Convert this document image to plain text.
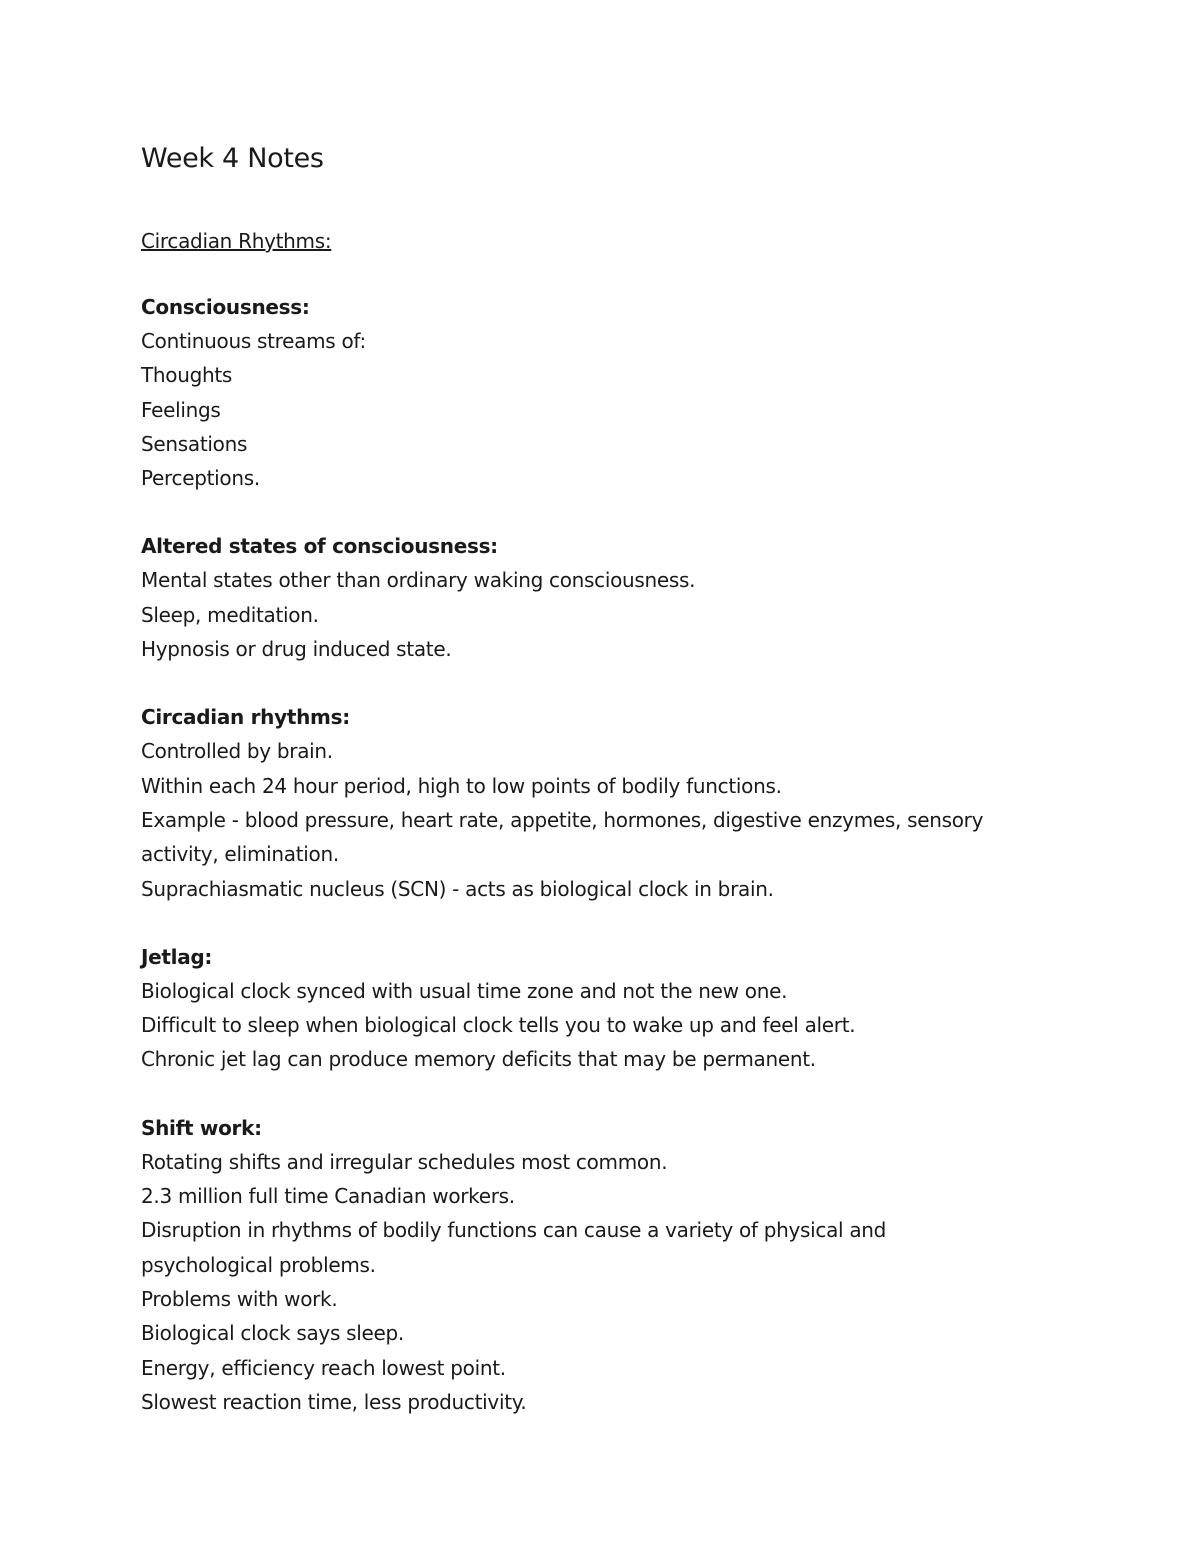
Week 4 Notes
Circadian Rhythms:
Consciousness:
Continuous streams of:
Thoughts
Feelings
Sensations
Perceptions.
Altered states of consciousness:
Mental states other than ordinary waking consciousness.
Sleep, meditation.
Hypnosis or drug induced state.
Circadian rhythms:
Controlled by brain.
Within each 24 hour period, high to low points of bodily functions.
Example - blood pressure, heart rate, appetite, hormones, digestive enzymes, sensory
activity, elimination.
Suprachiasmatic nucleus (SCN) - acts as biological clock in brain.
Jetlag:
Biological clock synced with usual time zone and not the new one.
Difficult to sleep when biological clock tells you to wake up and feel alert.
Chronic jet lag can produce memory deficits that may be permanent.
Shift work:
Rotating shifts and irregular schedules most common.
2.3 million full time Canadian workers.
Disruption in rhythms of bodily functions can cause a variety of physical and
psychological problems.
Problems with work.
Biological clock says sleep.
Energy, efficiency reach lowest point.
Slowest reaction time, less productivity.
